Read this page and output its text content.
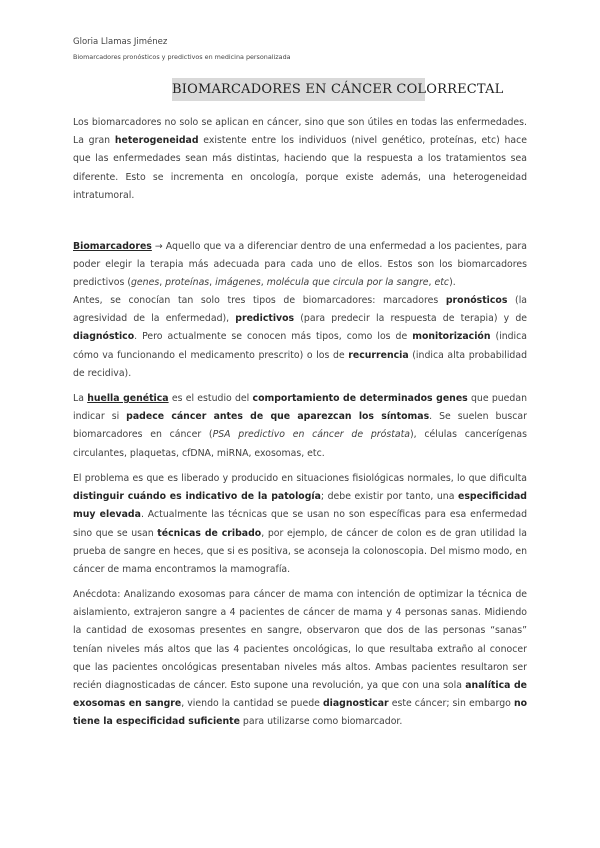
Gloria Llamas Jiménez
Biomarcadores pronósticos y predictivos en medicina personalizada
BIOMARCADORES EN CÁNCER COLORRECTAL

Los biomarcadores no solo se aplican en cáncer, sino que son útiles en todas las enfermedades. La gran heterogeneidad existente entre los individuos (nivel genético, proteínas, etc) hace que las enfermedades sean más distintas, haciendo que la respuesta a los tratamientos sea diferente. Esto se incrementa en oncología, porque existe además, una heterogeneidad intratumoral.

Biomarcadores → Aquello que va a diferenciar dentro de una enfermedad a los pacientes, para poder elegir la terapia más adecuada para cada uno de ellos. Estos son los biomarcadores predictivos (genes, proteínas, imágenes, molécula que circula por la sangre, etc).

Antes, se conocían tan solo tres tipos de biomarcadores: marcadores pronósticos (la agresividad de la enfermedad), predictivos (para predecir la respuesta de terapia) y de diagnóstico. Pero actualmente se conocen más tipos, como los de monitorización (indica cómo va funcionando el medicamento prescrito) o los de recurrencia (indica alta probabilidad de recidiva).

La huella genética es el estudio del comportamiento de determinados genes que puedan indicar si padece cáncer antes de que aparezcan los síntomas. Se suelen buscar biomarcadores en cáncer (PSA predictivo en cáncer de próstata), células cancerígenas circulantes, plaquetas, cfDNA, miRNA, exosomas, etc.

El problema es que es liberado y producido en situaciones fisiológicas normales, lo que dificulta distinguir cuándo es indicativo de la patología; debe existir por tanto, una especificidad muy elevada. Actualmente las técnicas que se usan no son específicas para esa enfermedad sino que se usan técnicas de cribado, por ejemplo, de cáncer de colon es de gran utilidad la prueba de sangre en heces, que si es positiva, se aconseja la colonoscopia. Del mismo modo, en cáncer de mama encontramos la mamografía.

Anécdota: Analizando exosomas para cáncer de mama con intención de optimizar la técnica de aislamiento, extrajeron sangre a 4 pacientes de cáncer de mama y 4 personas sanas. Midiendo la cantidad de exosomas presentes en sangre, observaron que dos de las personas “sanas” tenían niveles más altos que las 4 pacientes oncológicas, lo que resultaba extraño al conocer que las pacientes oncológicas presentaban niveles más altos. Ambas pacientes resultaron ser recién diagnosticadas de cáncer. Esto supone una revolución, ya que con una sola analítica de exosomas en sangre, viendo la cantidad se puede diagnosticar este cáncer; sin embargo no tiene la especificidad suficiente para utilizarse como biomarcador.
